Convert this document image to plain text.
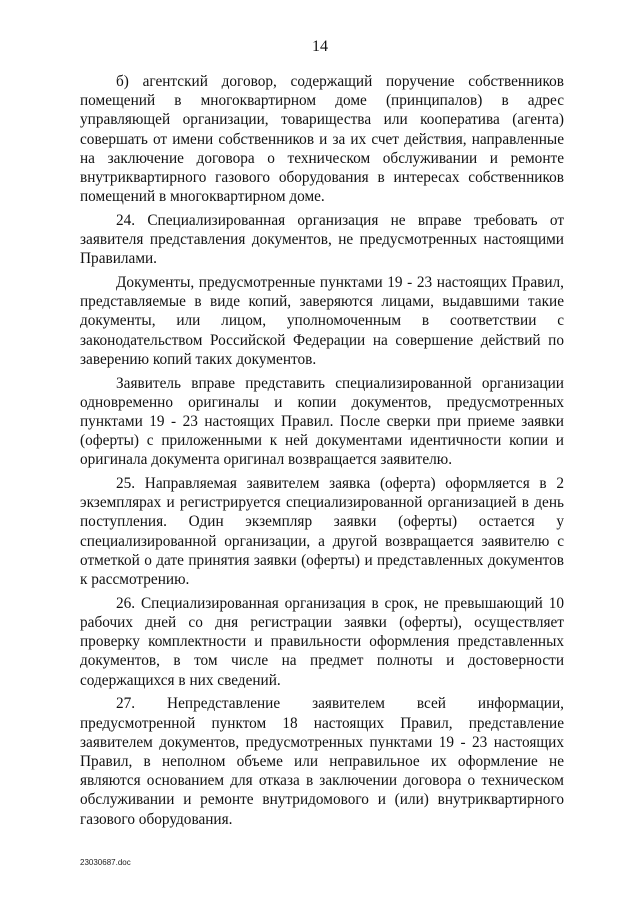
14

б) агентский договор, содержащий поручение собственников помещений в многоквартирном доме (принципалов) в адрес управляющей организации, товарищества или кооператива (агента) совершать от имени собственников и за их счет действия, направленные на заключение договора о техническом обслуживании и ремонте внутриквартирного газового оборудования в интересах собственников помещений в многоквартирном доме.

24. Специализированная организация не вправе требовать от заявителя представления документов, не предусмотренных настоящими Правилами.

Документы, предусмотренные пунктами 19 - 23 настоящих Правил, представляемые в виде копий, заверяются лицами, выдавшими такие документы, или лицом, уполномоченным в соответствии с законодательством Российской Федерации на совершение действий по заверению копий таких документов.

Заявитель вправе представить специализированной организации одновременно оригиналы и копии документов, предусмотренных пунктами 19 - 23 настоящих Правил. После сверки при приеме заявки (оферты) с приложенными к ней документами идентичности копии и оригинала документа оригинал возвращается заявителю.

25. Направляемая заявителем заявка (оферта) оформляется в 2 экземплярах и регистрируется специализированной организацией в день поступления. Один экземпляр заявки (оферты) остается у специализированной организации, а другой возвращается заявителю с отметкой о дате принятия заявки (оферты) и представленных документов к рассмотрению.

26. Специализированная организация в срок, не превышающий 10 рабочих дней со дня регистрации заявки (оферты), осуществляет проверку комплектности и правильности оформления представленных документов, в том числе на предмет полноты и достоверности содержащихся в них сведений.

27. Непредставление заявителем всей информации, предусмотренной пунктом 18 настоящих Правил, представление заявителем документов, предусмотренных пунктами 19 - 23 настоящих Правил, в неполном объеме или неправильное их оформление не являются основанием для отказа в заключении договора о техническом обслуживании и ремонте внутридомового и (или) внутриквартирного газового оборудования.

23030687.doc
